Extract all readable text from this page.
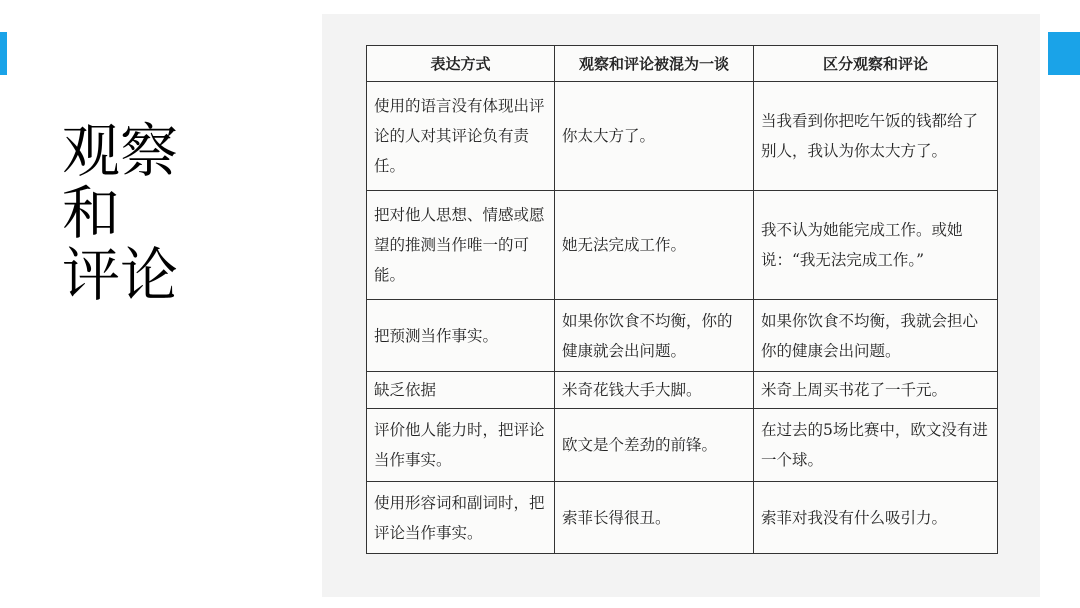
观察
和
评论
表达方式	观察和评论被混为一谈	区分观察和评论
使用的语言没有体现出评论的人对其评论负有责任。	你太大方了。	当我看到你把吃午饭的钱都给了别人，我认为你太大方了。
把对他人思想、情感或愿望的推测当作唯一的可能。	她无法完成工作。	我不认为她能完成工作。或她说：“我无法完成工作。”
把预测当作事实。	如果你饮食不均衡，你的健康就会出问题。	如果你饮食不均衡，我就会担心你的健康会出问题。
缺乏依据	米奇花钱大手大脚。	米奇上周买书花了一千元。
评价他人能力时，把评论当作事实。	欧文是个差劲的前锋。	在过去的5场比赛中，欧文没有进一个球。
使用形容词和副词时，把评论当作事实。	索菲长得很丑。	索菲对我没有什么吸引力。
